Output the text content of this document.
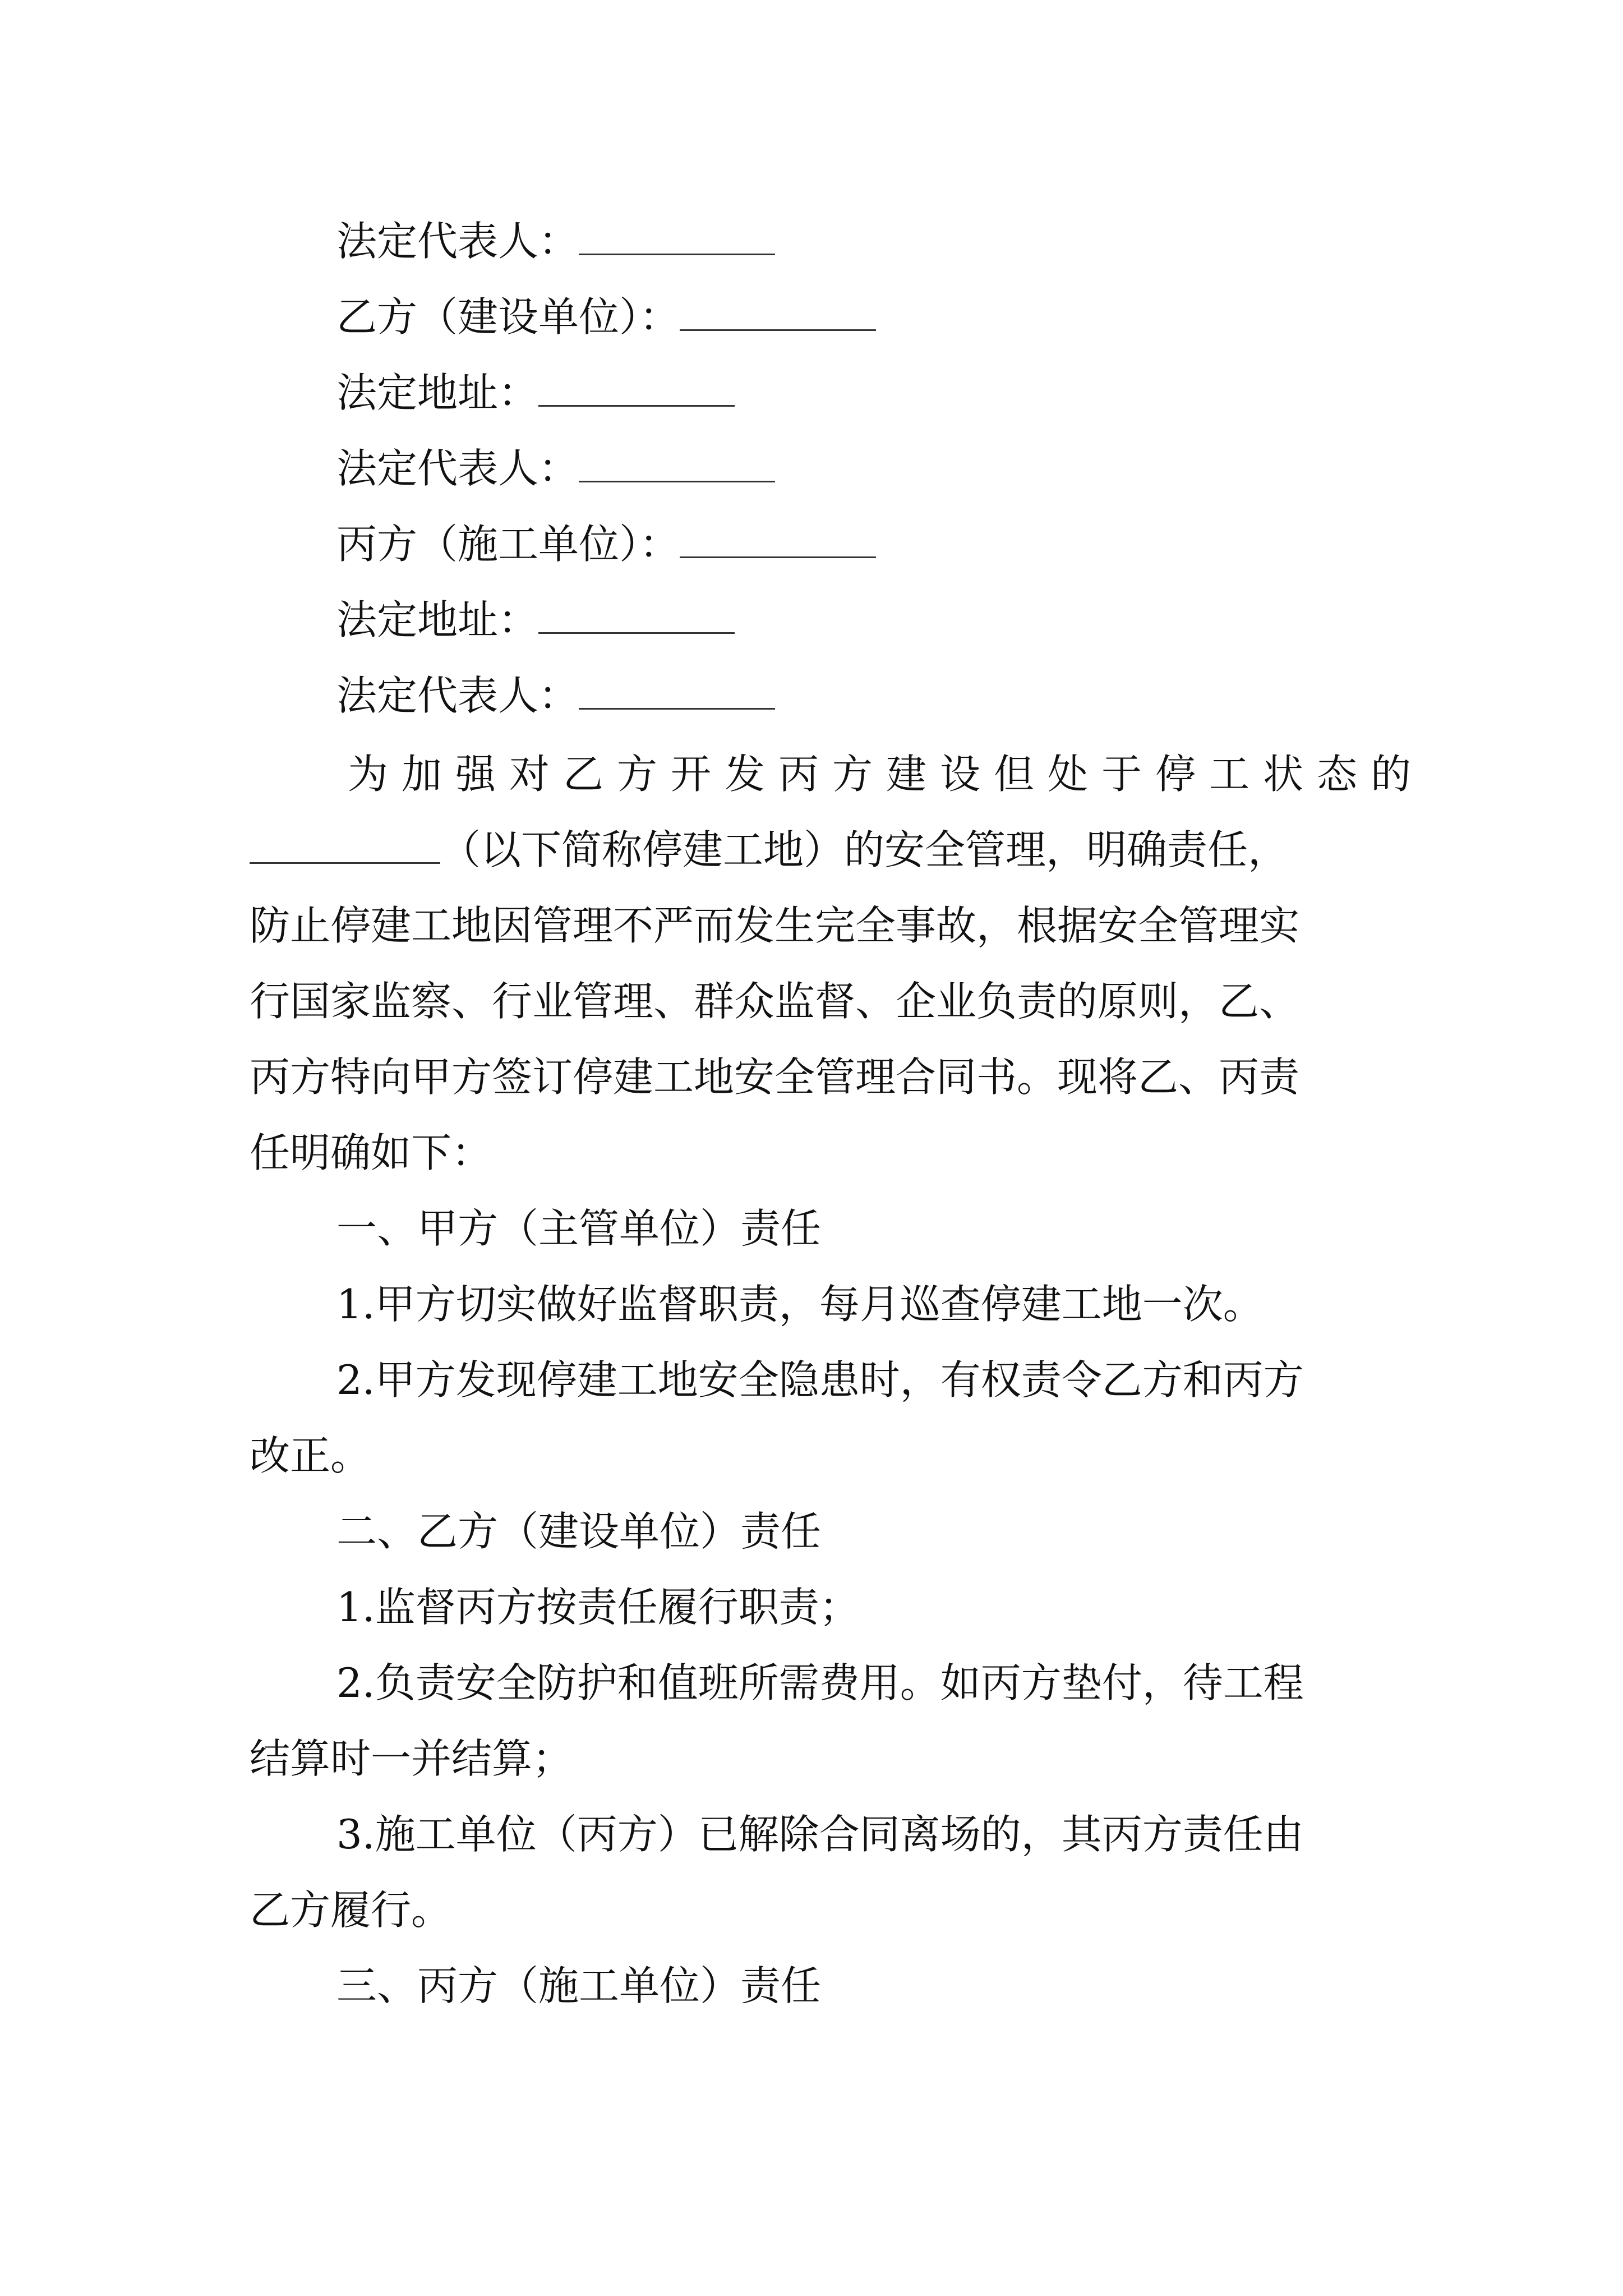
法定代表人：
乙方（建设单位）：
法定地址：
法定代表人：
丙方（施工单位）：
法定地址：
法定代表人：
为加强对乙方开发丙方建设但处于停工状态的
（以下简称停建工地）的安全管理，明确责任，
防止停建工地因管理不严而发生完全事故，根据安全管理实
行国家监察、行业管理、群众监督、企业负责的原则，乙、
丙方特向甲方签订停建工地安全管理合同书。现将乙、丙责
任明确如下：
一、甲方（主管单位）责任
1.甲方切实做好监督职责，每月巡查停建工地一次。
2.甲方发现停建工地安全隐患时，有权责令乙方和丙方
改正。
二、乙方（建设单位）责任
1.监督丙方按责任履行职责；
2.负责安全防护和值班所需费用。如丙方垫付，待工程
结算时一并结算；
3.施工单位（丙方）已解除合同离场的，其丙方责任由
乙方履行。
三、丙方（施工单位）责任
